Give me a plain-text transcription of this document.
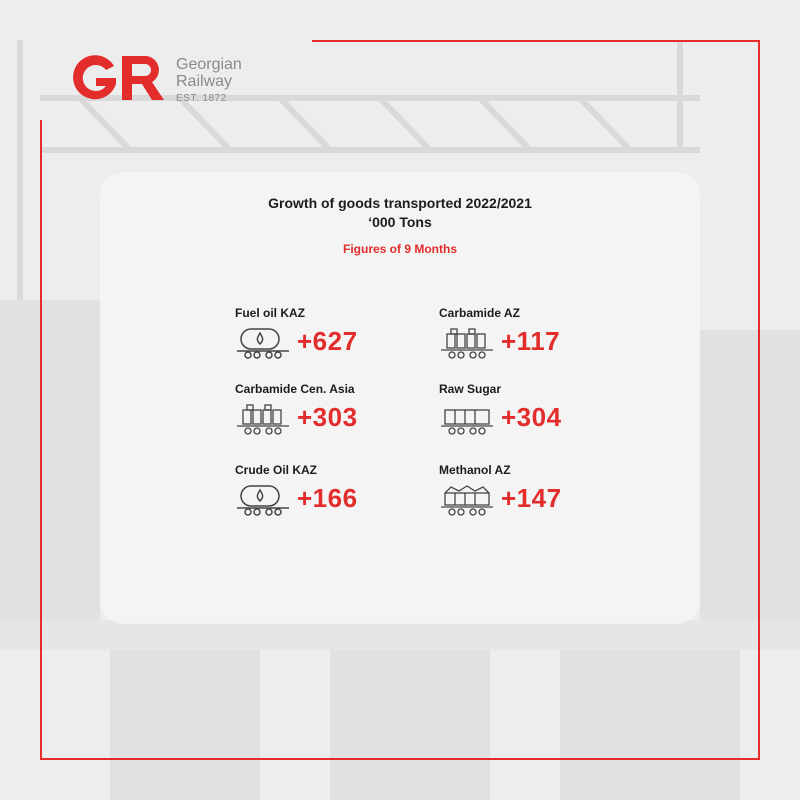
Georgian
Railway
EST. 1872
Growth of goods transported 2022/2021
‘000 Tons
Figures of 9 Months
Fuel oil KAZ
+627
Carbamide AZ
+117
Carbamide Cen. Asia
+303
Raw Sugar
+304
Crude Oil KAZ
+166
Methanol AZ
+147
